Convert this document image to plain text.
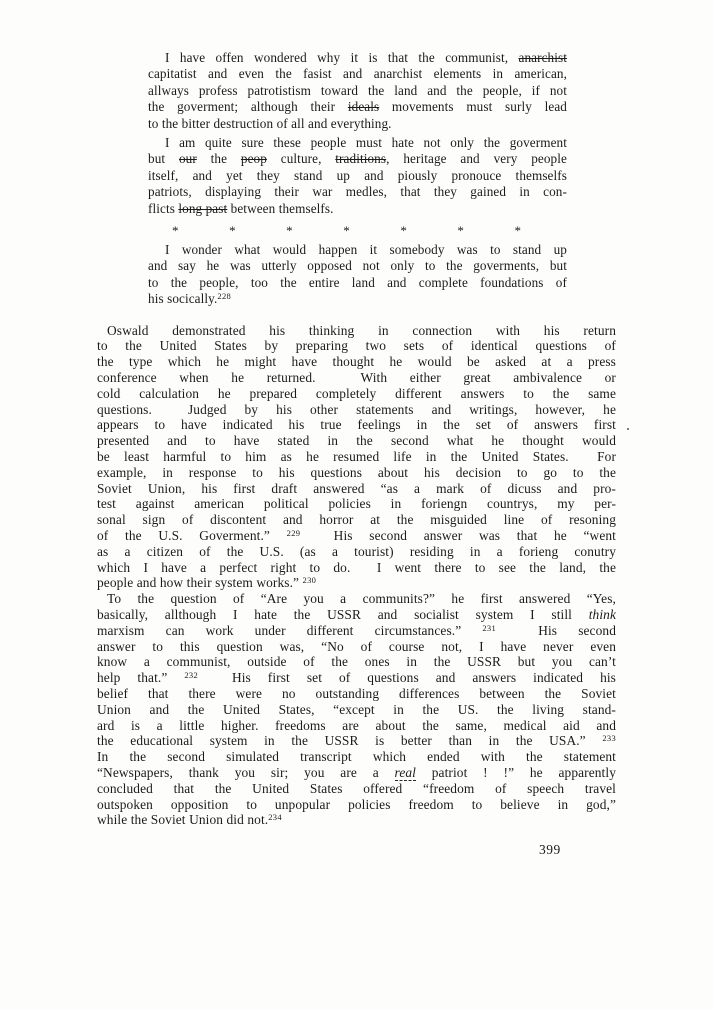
I have offen wondered why it is that the communist, anarchist
capitatist and even the fasist and anarchist elements in american,
allways profess patrotistism toward the land and the people, if not
the goverment; although their ideals movements must surly lead
to the bitter destruction of all and everything.
I am quite sure these people must hate not only the goverment
but our the peop culture, traditions, heritage and very people
itself, and yet they stand up and piously pronouce themselfs
patriots, displaying their war medles, that they gained in con-
flicts long past between themselfs.
*	*	*	*	*	*	*
I wonder what would happen it somebody was to stand up
and say he was utterly opposed not only to the goverments, but
to the people, too the entire land and complete foundations of
his socically.$^{228}$
Oswald demonstrated his thinking in connection with his return
to the United States by preparing two sets of identical questions of
the type which he might have thought he would be asked at a press
conference when he returned.  With either great ambivalence or
cold calculation he prepared completely different answers to the same
questions.  Judged by his other statements and writings, however, he
appears to have indicated his true feelings in the set of answers first
presented and to have stated in the second what he thought would
be least harmful to him as he resumed life in the United States.  For
example, in response to his questions about his decision to go to the
Soviet Union, his first draft answered “as a mark of dicuss and pro-
test against american political policies in foriengn countrys, my per-
sonal sign of discontent and horror at the misguided line of resoning
of the U.S. Goverment.” $^{229}$  His second answer was that he “went
as a citizen of the U.S. (as a tourist) residing in a forieng conutry
which I have a perfect right to do.  I went there to see the land, the
people and how their system works.” $^{230}$
To the question of “Are you a communits?” he first answered “Yes,
basically, allthough I hate the USSR and socialist system I still think
marxism can work under different circumstances.” $^{231}$  His second
answer to this question was, “No of course not, I have never even
know a communist, outside of the ones in the USSR but you can’t
help that.” $^{232}$  His first set of questions and answers indicated his
belief that there were no outstanding differences between the Soviet
Union and the United States, “except in the US. the living stand-
ard is a little higher. freedoms are about the same, medical aid and
the educational system in the USSR is better than in the USA.” $^{233}$
In the second simulated transcript which ended with the statement
“Newspapers, thank you sir; you are a real patriot ! !” he apparently
concluded that the United States offered “freedom of speech travel
outspoken opposition to unpopular policies freedom to believe in god,”
while the Soviet Union did not.$^{234}$
399
